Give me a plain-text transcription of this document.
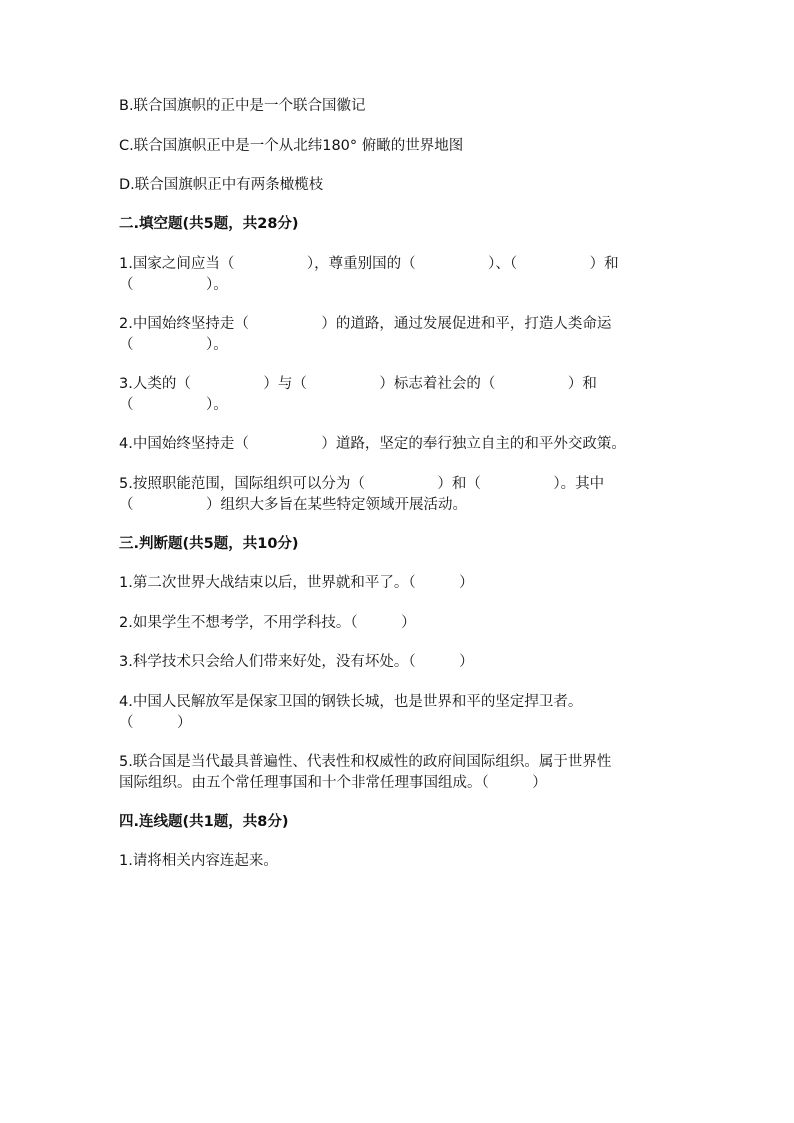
B.联合国旗帜的正中是一个联合国徽记
C.联合国旗帜正中是一个从北纬180° 俯瞰的世界地图
D.联合国旗帜正中有两条橄榄枝
二.填空题(共5题，共28分)
1.国家之间应当（　　　　　），尊重别国的（　　　　　）、（　　　　　）和
（　　　　　）。
2.中国始终坚持走（　　　　　）的道路，通过发展促进和平，打造人类命运
（　　　　　）。
3.人类的（　　　　　）与（　　　　　）标志着社会的（　　　　　）和
（　　　　　）。
4.中国始终坚持走（　　　　　）道路，坚定的奉行独立自主的和平外交政策。
5.按照职能范围，国际组织可以分为（　　　　　）和（　　　　　）。其中
（　　　　　）组织大多旨在某些特定领域开展活动。
三.判断题(共5题，共10分)
1.第二次世界大战结束以后，世界就和平了。（　　　）
2.如果学生不想考学，不用学科技。（　　　）
3.科学技术只会给人们带来好处，没有坏处。（　　　）
4.中国人民解放军是保家卫国的钢铁长城，也是世界和平的坚定捍卫者。
（　　　）
5.联合国是当代最具普遍性、代表性和权威性的政府间国际组织。属于世界性
国际组织。由五个常任理事国和十个非常任理事国组成。（　　　）
四.连线题(共1题，共8分)
1.请将相关内容连起来。
